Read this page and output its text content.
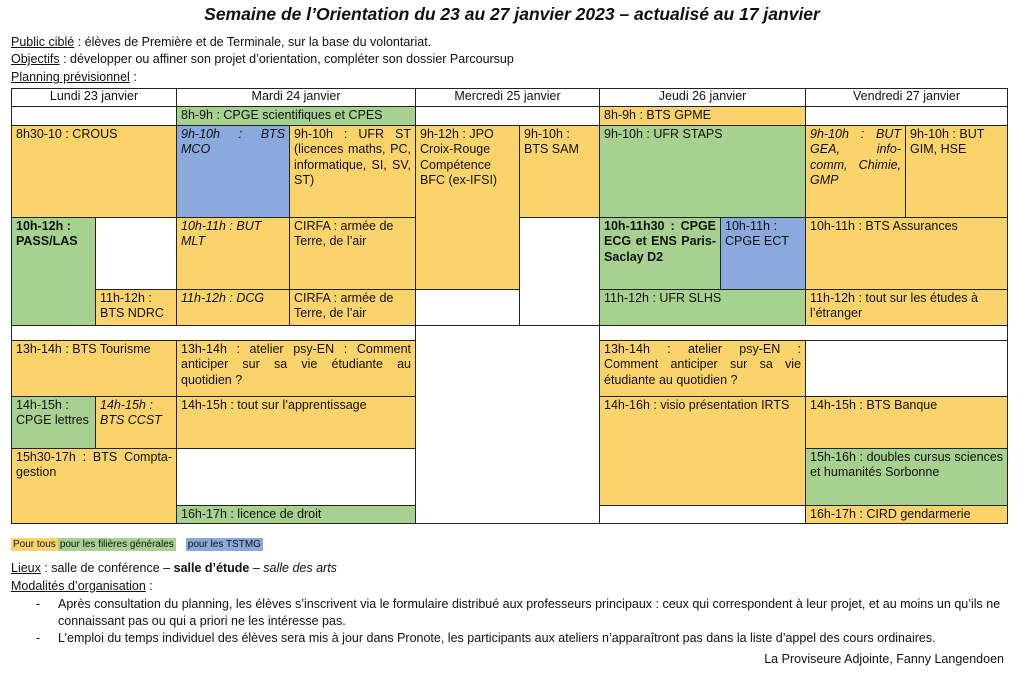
Semaine de l’Orientation du 23 au 27 janvier 2023 – actualisé au 17 janvier
Public ciblé : élèves de Première et de Terminale, sur la base du volontariat.
Objectifs : développer ou affiner son projet d’orientation, compléter son dossier Parcoursup
Planning prévisionnel :
Lundi 23 janvier		Mardi 24 janvier		Mercredi 25 janvier		Jeudi 26 janvier		Vendredi 27 janvier	
		8h-9h : CPGE scientifiques et CPES				8h-9h : BTS GPME			
8h30-10 : CROUS		9h-10h : BTS MCO	9h-10h : UFR ST (licences maths, PC, informatique, SI, SV, ST)	9h-12h : JPO Croix-Rouge Compétence BFC (ex-IFSI)	9h-10h : BTS SAM	9h-10h : UFR STAPS		9h-10h : BUT GEA, info-comm, Chimie, GMP	9h-10h : BUT GIM, HSE
10h-12h :
PASS/LAS		10h-11h : BUT MLT	CIRFA : armée de Terre, de l’air			10h-11h30 : CPGE ECG et ENS Paris-Saclay D2	10h-11h : CPGE ECT	10h-11h : BTS Assurances	
	11h-12h : BTS NDRC	11h-12h : DCG	CIRFA : armée de Terre, de l’air			11h-12h : UFR SLHS		11h-12h : tout sur les études à l’étranger	

13h-14h : BTS Tourisme		13h-14h : atelier psy-EN : Comment anticiper sur sa vie étudiante au quotidien ?				13h-14h : atelier psy-EN : Comment anticiper sur sa vie étudiante au quotidien ?			
14h-15h : CPGE lettres	14h-15h : BTS CCST	14h-15h : tout sur l’apprentissage				14h-16h : visio présentation IRTS		14h-15h : BTS Banque	
15h30-17h : BTS Compta-gestion								15h-16h : doubles cursus sciences et humanités Sorbonne	
		16h-17h : licence de droit						16h-17h : CIRD gendarmerie	
Pour tous pour les filières générales pour les TSTMG
Lieux : salle de conférence – salle d’étude – salle des arts
Modalités d’organisation :
- Après consultation du planning, les élèves s’inscrivent via le formulaire distribué aux professeurs principaux : ceux qui correspondent à leur projet, et au moins un qu’ils ne connaissant pas ou qui a priori ne les intéresse pas.
- L’emploi du temps individuel des élèves sera mis à jour dans Pronote, les participants aux ateliers n’apparaîtront pas dans la liste d’appel des cours ordinaires.
La Proviseure Adjointe, Fanny Langendoen
